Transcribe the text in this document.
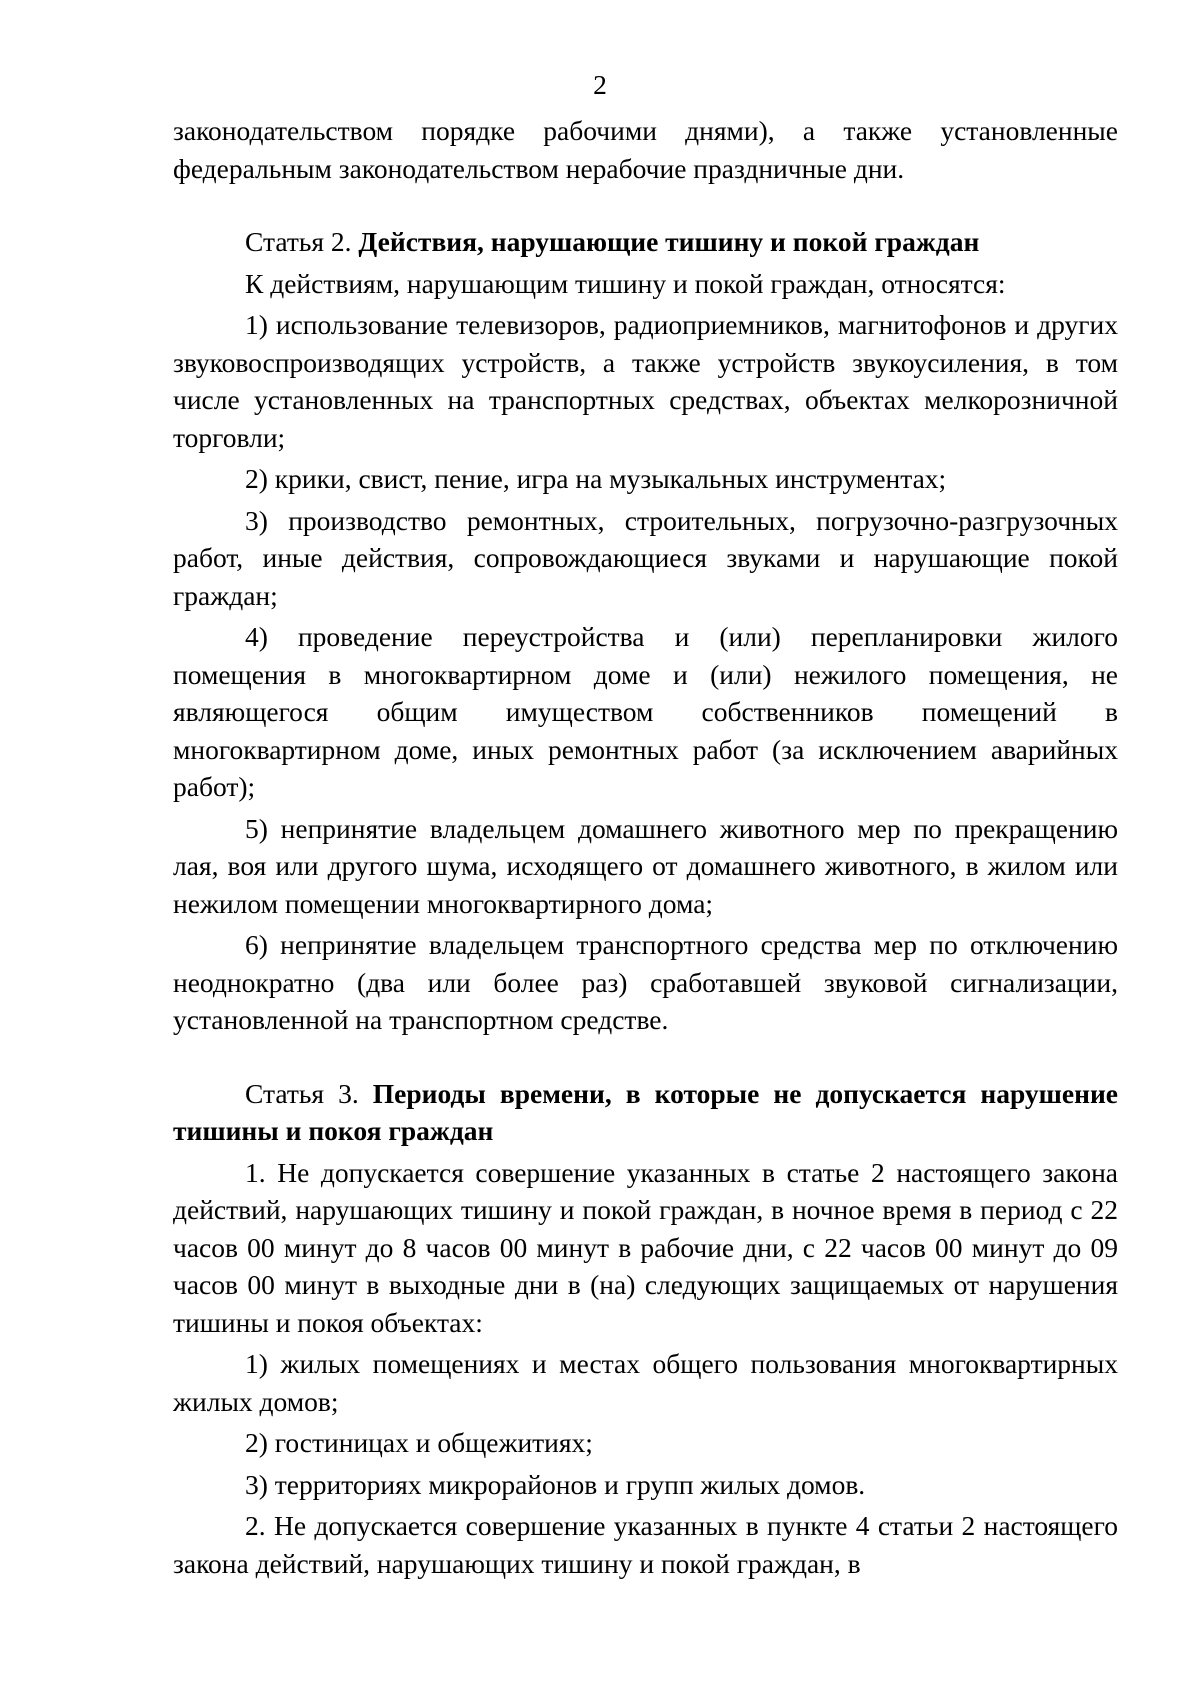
2

законодательством порядке рабочими днями), а также установленные федеральным законодательством нерабочие праздничные дни.

Статья 2. Действия, нарушающие тишину и покой граждан

К действиям, нарушающим тишину и покой граждан, относятся:

1) использование телевизоров, радиоприемников, магнитофонов и других звуковоспроизводящих устройств, а также устройств звукоусиления, в том числе установленных на транспортных средствах, объектах мелкорозничной торговли;

2) крики, свист, пение, игра на музыкальных инструментах;

3) производство ремонтных, строительных, погрузочно-разгрузочных работ, иные действия, сопровождающиеся звуками и нарушающие покой граждан;

4) проведение переустройства и (или) перепланировки жилого помещения в многоквартирном доме и (или) нежилого помещения, не являющегося общим имуществом собственников помещений в многоквартирном доме, иных ремонтных работ (за исключением аварийных работ);

5) непринятие владельцем домашнего животного мер по прекращению лая, воя или другого шума, исходящего от домашнего животного, в жилом или нежилом помещении многоквартирного дома;

6) непринятие владельцем транспортного средства мер по отключению неоднократно (два или более раз) сработавшей звуковой сигнализации, установленной на транспортном средстве.

Статья 3. Периоды времени, в которые не допускается нарушение тишины и покоя граждан

1. Не допускается совершение указанных в статье 2 настоящего закона действий, нарушающих тишину и покой граждан, в ночное время в период с 22 часов 00 минут до 8 часов 00 минут в рабочие дни, с 22 часов 00 минут до 09 часов 00 минут в выходные дни в (на) следующих защищаемых от нарушения тишины и покоя объектах:

1) жилых помещениях и местах общего пользования многоквартирных жилых домов;

2) гостиницах и общежитиях;

3) территориях микрорайонов и групп жилых домов.

2. Не допускается совершение указанных в пункте 4 статьи 2 настоящего закона действий, нарушающих тишину и покой граждан, в
